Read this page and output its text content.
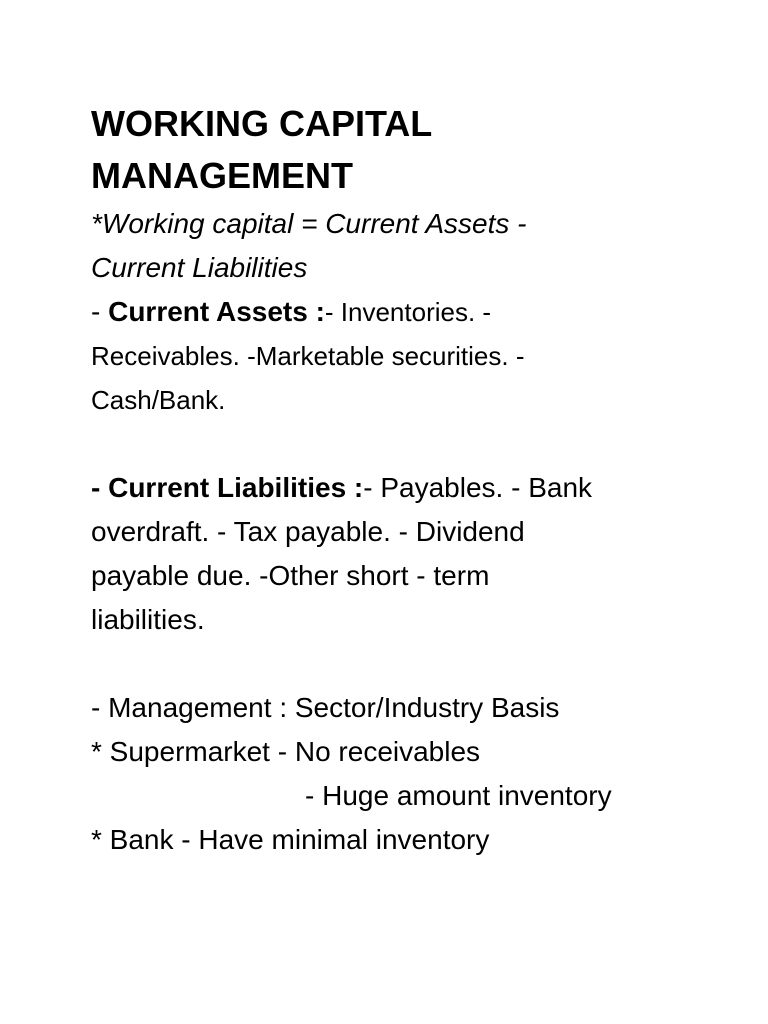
WORKING CAPITAL
MANAGEMENT

*Working capital = Current Assets -
Current Liabilities

- Current Assets :- Inventories. -
Receivables. -Marketable securities. -
Cash/Bank.

- Current Liabilities :- Payables. - Bank
overdraft. - Tax payable. - Dividend
payable due. -Other short - term
liabilities.

- Management : Sector/Industry Basis
* Supermarket - No receivables

- Huge amount inventory
* Bank - Have minimal inventory
